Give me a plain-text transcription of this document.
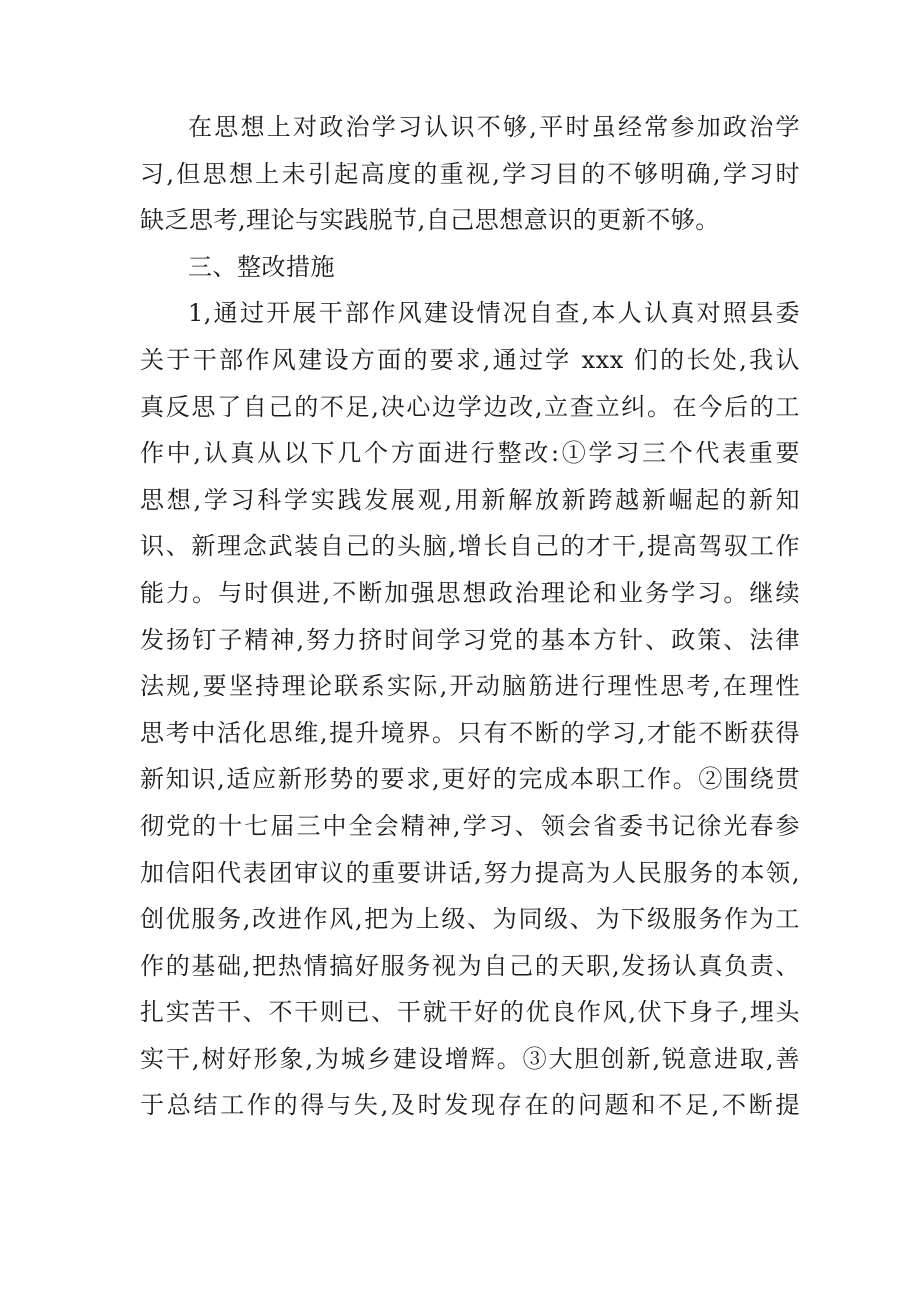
在思想上对政治学习认识不够,平时虽经常参加政治学
习,但思想上未引起高度的重视,学习目的不够明确,学习时
缺乏思考,理论与实践脱节,自己思想意识的更新不够。
三、整改措施
1,通过开展干部作风建设情况自查,本人认真对照县委
关于干部作风建设方面的要求,通过学 xxx 们的长处,我认
真反思了自己的不足,决心边学边改,立查立纠。在今后的工
作中,认真从以下几个方面进行整改:①学习三个代表重要
思想,学习科学实践发展观,用新解放新跨越新崛起的新知
识、新理念武装自己的头脑,增长自己的才干,提高驾驭工作
能力。与时俱进,不断加强思想政治理论和业务学习。继续
发扬钉子精神,努力挤时间学习党的基本方针、政策、法律
法规,要坚持理论联系实际,开动脑筋进行理性思考,在理性
思考中活化思维,提升境界。只有不断的学习,才能不断获得
新知识,适应新形势的要求,更好的完成本职工作。②围绕贯
彻党的十七届三中全会精神,学习、领会省委书记徐光春参
加信阳代表团审议的重要讲话,努力提高为人民服务的本领,
创优服务,改进作风,把为上级、为同级、为下级服务作为工
作的基础,把热情搞好服务视为自己的天职,发扬认真负责、
扎实苦干、不干则已、干就干好的优良作风,伏下身子,埋头
实干,树好形象,为城乡建设增辉。③大胆创新,锐意进取,善
于总结工作的得与失,及时发现存在的问题和不足,不断提
